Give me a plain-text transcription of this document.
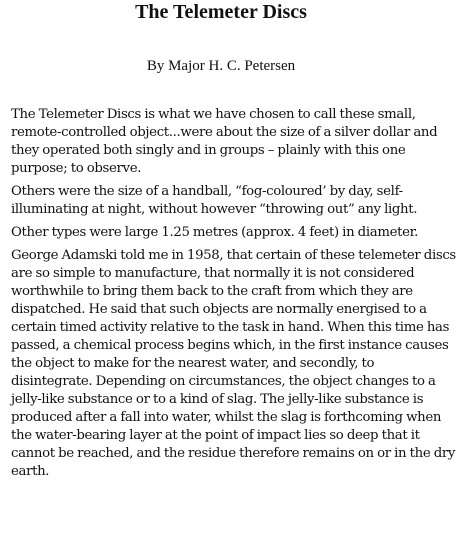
The Telemeter Discs

By Major H. C. Petersen

The Telemeter Discs is what we have chosen to call these small, remote-controlled object...were about the size of a silver dollar and they operated both singly and in groups – plainly with this one purpose; to observe.

Others were the size of a handball, “fog-coloured’ by day, self-illuminating at night, without however “throwing out” any light.

Other types were large 1.25 metres (approx. 4 feet) in diameter.

George Adamski told me in 1958, that certain of these telemeter discs are so simple to manufacture, that normally it is not considered worthwhile to bring them back to the craft from which they are dispatched. He said that such objects are normally energised to a certain timed activity relative to the task in hand. When this time has passed, a chemical process begins which, in the first instance causes the object to make for the nearest water, and secondly, to disintegrate. Depending on circumstances, the object changes to a jelly-like substance or to a kind of slag. The jelly-like substance is produced after a fall into water, whilst the slag is forthcoming when the water-bearing layer at the point of impact lies so deep that it cannot be reached, and the residue therefore remains on or in the dry earth.
